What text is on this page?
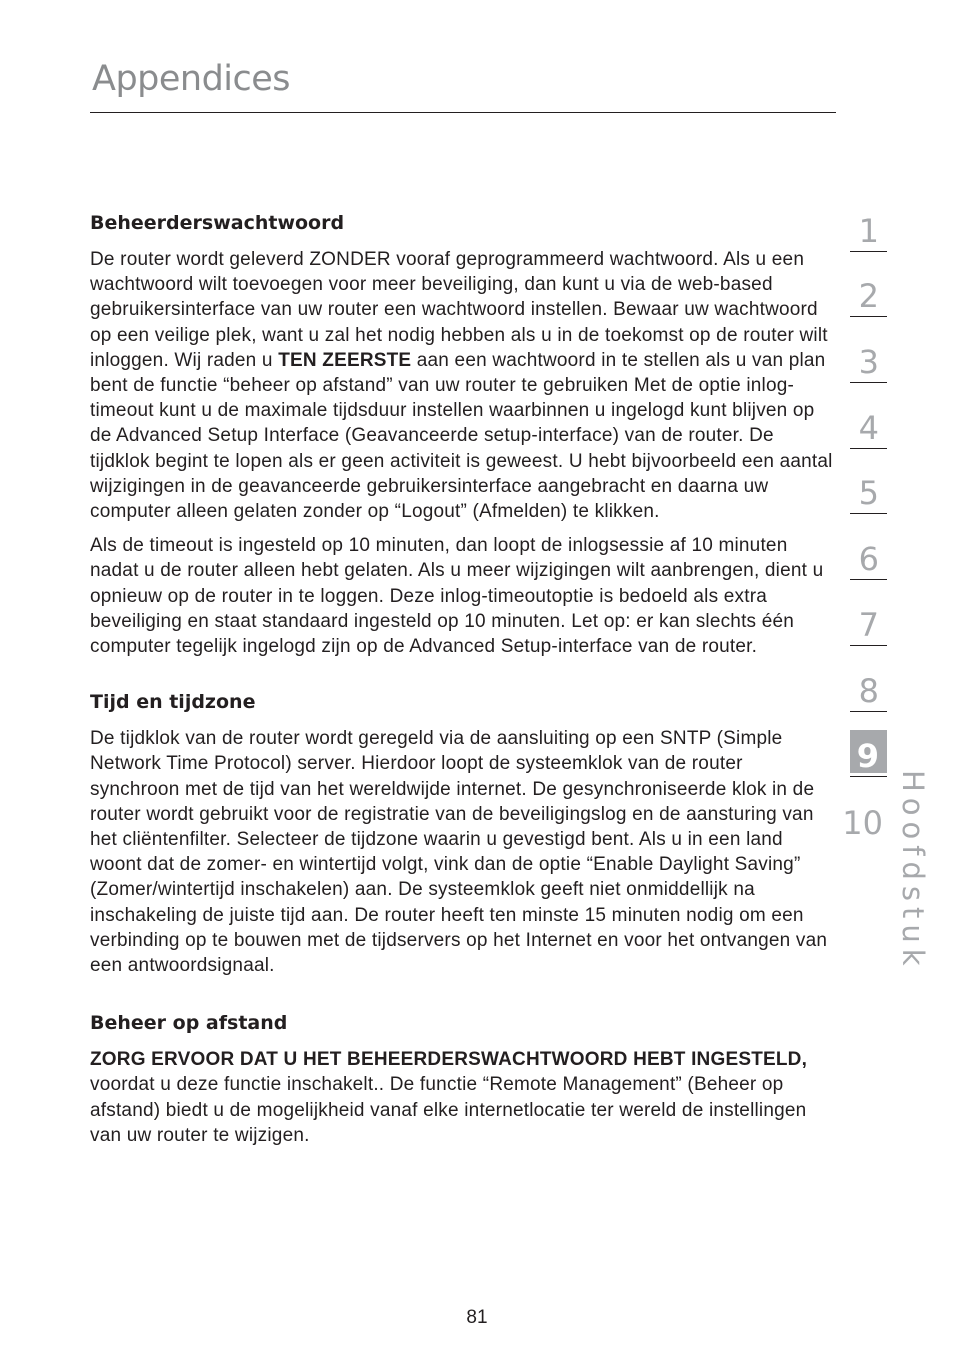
Appendices
Beheerderswachtwoord

De router wordt geleverd ZONDER vooraf geprogrammeerd wachtwoord. Als u een wachtwoord wilt toevoegen voor meer beveiliging, dan kunt u via de web-based gebruikersinterface van uw router een wachtwoord instellen. Bewaar uw wachtwoord op een veilige plek, want u zal het nodig hebben als u in de toekomst op de router wilt inloggen. Wij raden u TEN ZEERSTE aan een wachtwoord in te stellen als u van plan bent de functie “beheer op afstand” van uw router te gebruiken Met de optie inlog-timeout kunt u de maximale tijdsduur instellen waarbinnen u ingelogd kunt blijven op de Advanced Setup Interface (Geavanceerde setup-interface) van de router. De tijdklok begint te lopen als er geen activiteit is geweest. U hebt bijvoorbeeld een aantal wijzigingen in de geavanceerde gebruikersinterface aangebracht en daarna uw computer alleen gelaten zonder op “Logout” (Afmelden) te klikken.

Als de timeout is ingesteld op 10 minuten, dan loopt de inlogsessie af 10 minuten nadat u de router alleen hebt gelaten. Als u meer wijzigingen wilt aanbrengen, dient u opnieuw op de router in te loggen. Deze inlog-timeoutoptie is bedoeld als extra beveiliging en staat standaard ingesteld op 10 minuten. Let op: er kan slechts één computer tegelijk ingelogd zijn op de Advanced Setup-interface van de router.

Tijd en tijdzone

De tijdklok van de router wordt geregeld via de aansluiting op een SNTP (Simple Network Time Protocol) server. Hierdoor loopt de systeemklok van de router synchroon met de tijd van het wereldwijde internet. De gesynchroniseerde klok in de router wordt gebruikt voor de registratie van de beveiligingslog en de aansturing van het cliëntenfilter. Selecteer de tijdzone waarin u gevestigd bent. Als u in een land woont dat de zomer- en wintertijd volgt, vink dan de optie “Enable Daylight Saving” (Zomer/wintertijd inschakelen) aan. De systeemklok geeft niet onmiddellijk na inschakeling de juiste tijd aan. De router heeft ten minste 15 minuten nodig om een verbinding op te bouwen met de tijdservers op het Internet en voor het ontvangen van een antwoordsignaal.

Beheer op afstand

ZORG ERVOOR DAT U HET BEHEERDERSWACHTWOORD HEBT INGESTELD, voordat u deze functie inschakelt.. De functie “Remote Management” (Beheer op afstand) biedt u de mogelijkheid vanaf elke internetlocatie ter wereld de instellingen van uw router te wijzigen.

1
2
3
4
5
6
7
8
9
10 Hoofdstuk
81
